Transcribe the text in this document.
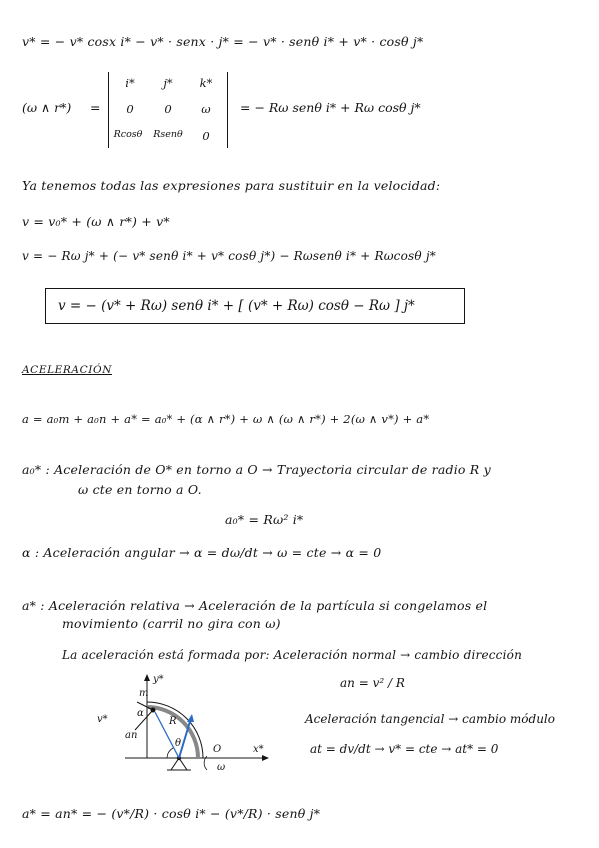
v* = − v* cosx i* − v* · senx · j* = − v* · senθ i* + v* · cosθ j*
(ω ∧ r*) =
i*	j*	k*
0	0	ω
Rcosθ	Rsenθ	0
= − Rω senθ i* + Rω cosθ j*
Ya tenemos todas las expresiones para sustituir en la velocidad:
v = v₀* + (ω ∧ r*) + v*
v = − Rω j* + (− v* senθ i* + v* cosθ j*) − Rωsenθ i* + Rωcosθ j*
v = − (v* + Rω) senθ i* + [ (v* + Rω) cosθ − Rω ] j*
ACELERACIÓN
a = a₀m + a₀n + a* = a₀* + (α ∧ r*) + ω ∧ (ω ∧ r*) + 2(ω ∧ v*) + a*
a₀* : Aceleración de O* en torno a O → Trayectoria circular de radio R y
ω cte en torno a O.
a₀* = Rω² i*
α : Aceleración angular → α = dω/dt → ω = cte → α = 0
a* : Aceleración relativa → Aceleración de la partícula si congelamos el
movimiento (carril no gira con ω)
La aceleración está formada por: Aceleración normal → cambio dirección
an = v² / R
Aceleración tangencial → cambio módulo
at = dv/dt → v* = cte → at* = 0
y*
x*
m
R
θ
O
ω
v*
an
α
a* = an* = − (v*/R) · cosθ i* − (v*/R) · senθ j*
